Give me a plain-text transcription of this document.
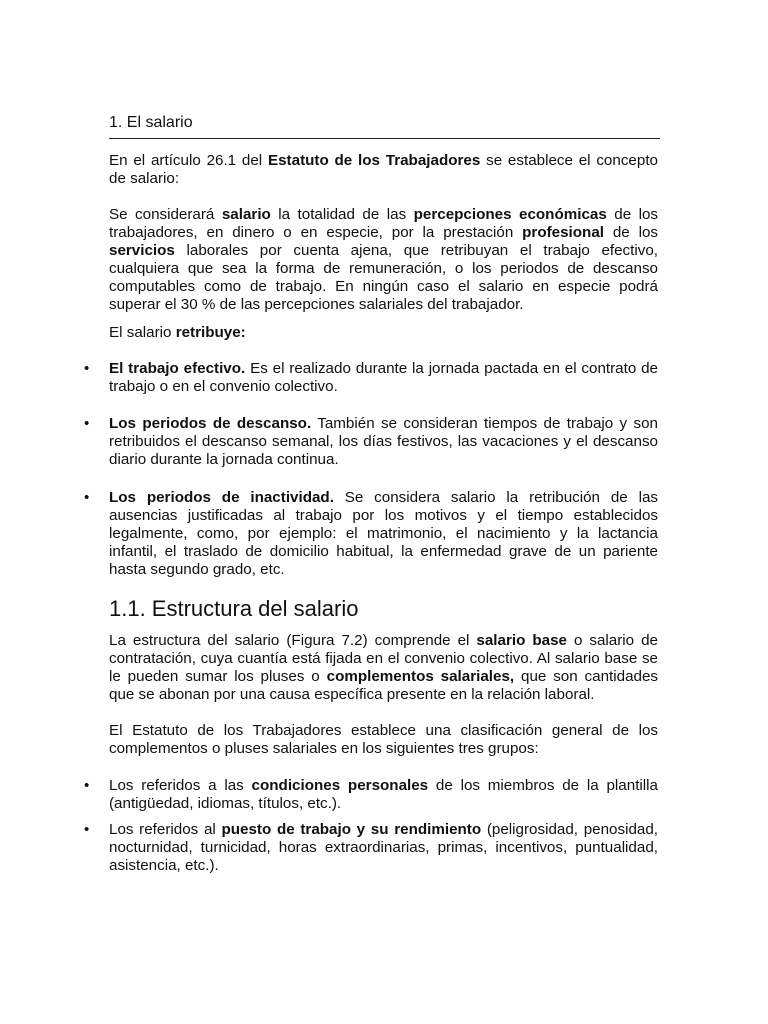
1. El salario

En el artículo 26.1 del Estatuto de los Trabajadores se establece el concepto de salario:

Se considerará salario la totalidad de las percepciones económicas de los trabajadores, en dinero o en especie, por la prestación profesional de los servicios laborales por cuenta ajena, que retribuyan el trabajo efectivo, cualquiera que sea la forma de remuneración, o los periodos de descanso computables como de trabajo. En ningún caso el salario en especie podrá superar el 30 % de las percepciones salariales del trabajador.

El salario retribuye:

• El trabajo efectivo. Es el realizado durante la jornada pactada en el contrato de trabajo o en el convenio colectivo.
• Los periodos de descanso. También se consideran tiempos de trabajo y son retribuidos el descanso semanal, los días festivos, las vacaciones y el descanso diario durante la jornada continua.
• Los periodos de inactividad. Se considera salario la retribución de las ausencias justificadas al trabajo por los motivos y el tiempo establecidos legalmente, como, por ejemplo: el matrimonio, el nacimiento y la lactancia infantil, el traslado de domicilio habitual, la enfermedad grave de un pariente hasta segundo grado, etc.
1.1. Estructura del salario

La estructura del salario (Figura 7.2) comprende el salario base o salario de contratación, cuya cuantía está fijada en el convenio colectivo. Al salario base se le pueden sumar los pluses o complementos salariales, que son cantidades que se abonan por una causa específica presente en la relación laboral.

El Estatuto de los Trabajadores establece una clasificación general de los complementos o pluses salariales en los siguientes tres grupos:

• Los referidos a las condiciones personales de los miembros de la plantilla (antigüedad, idiomas, títulos, etc.).
• Los referidos al puesto de trabajo y su rendimiento (peligrosidad, penosidad, nocturnidad, turnicidad, horas extraordinarias, primas, incentivos, puntualidad, asistencia, etc.).
